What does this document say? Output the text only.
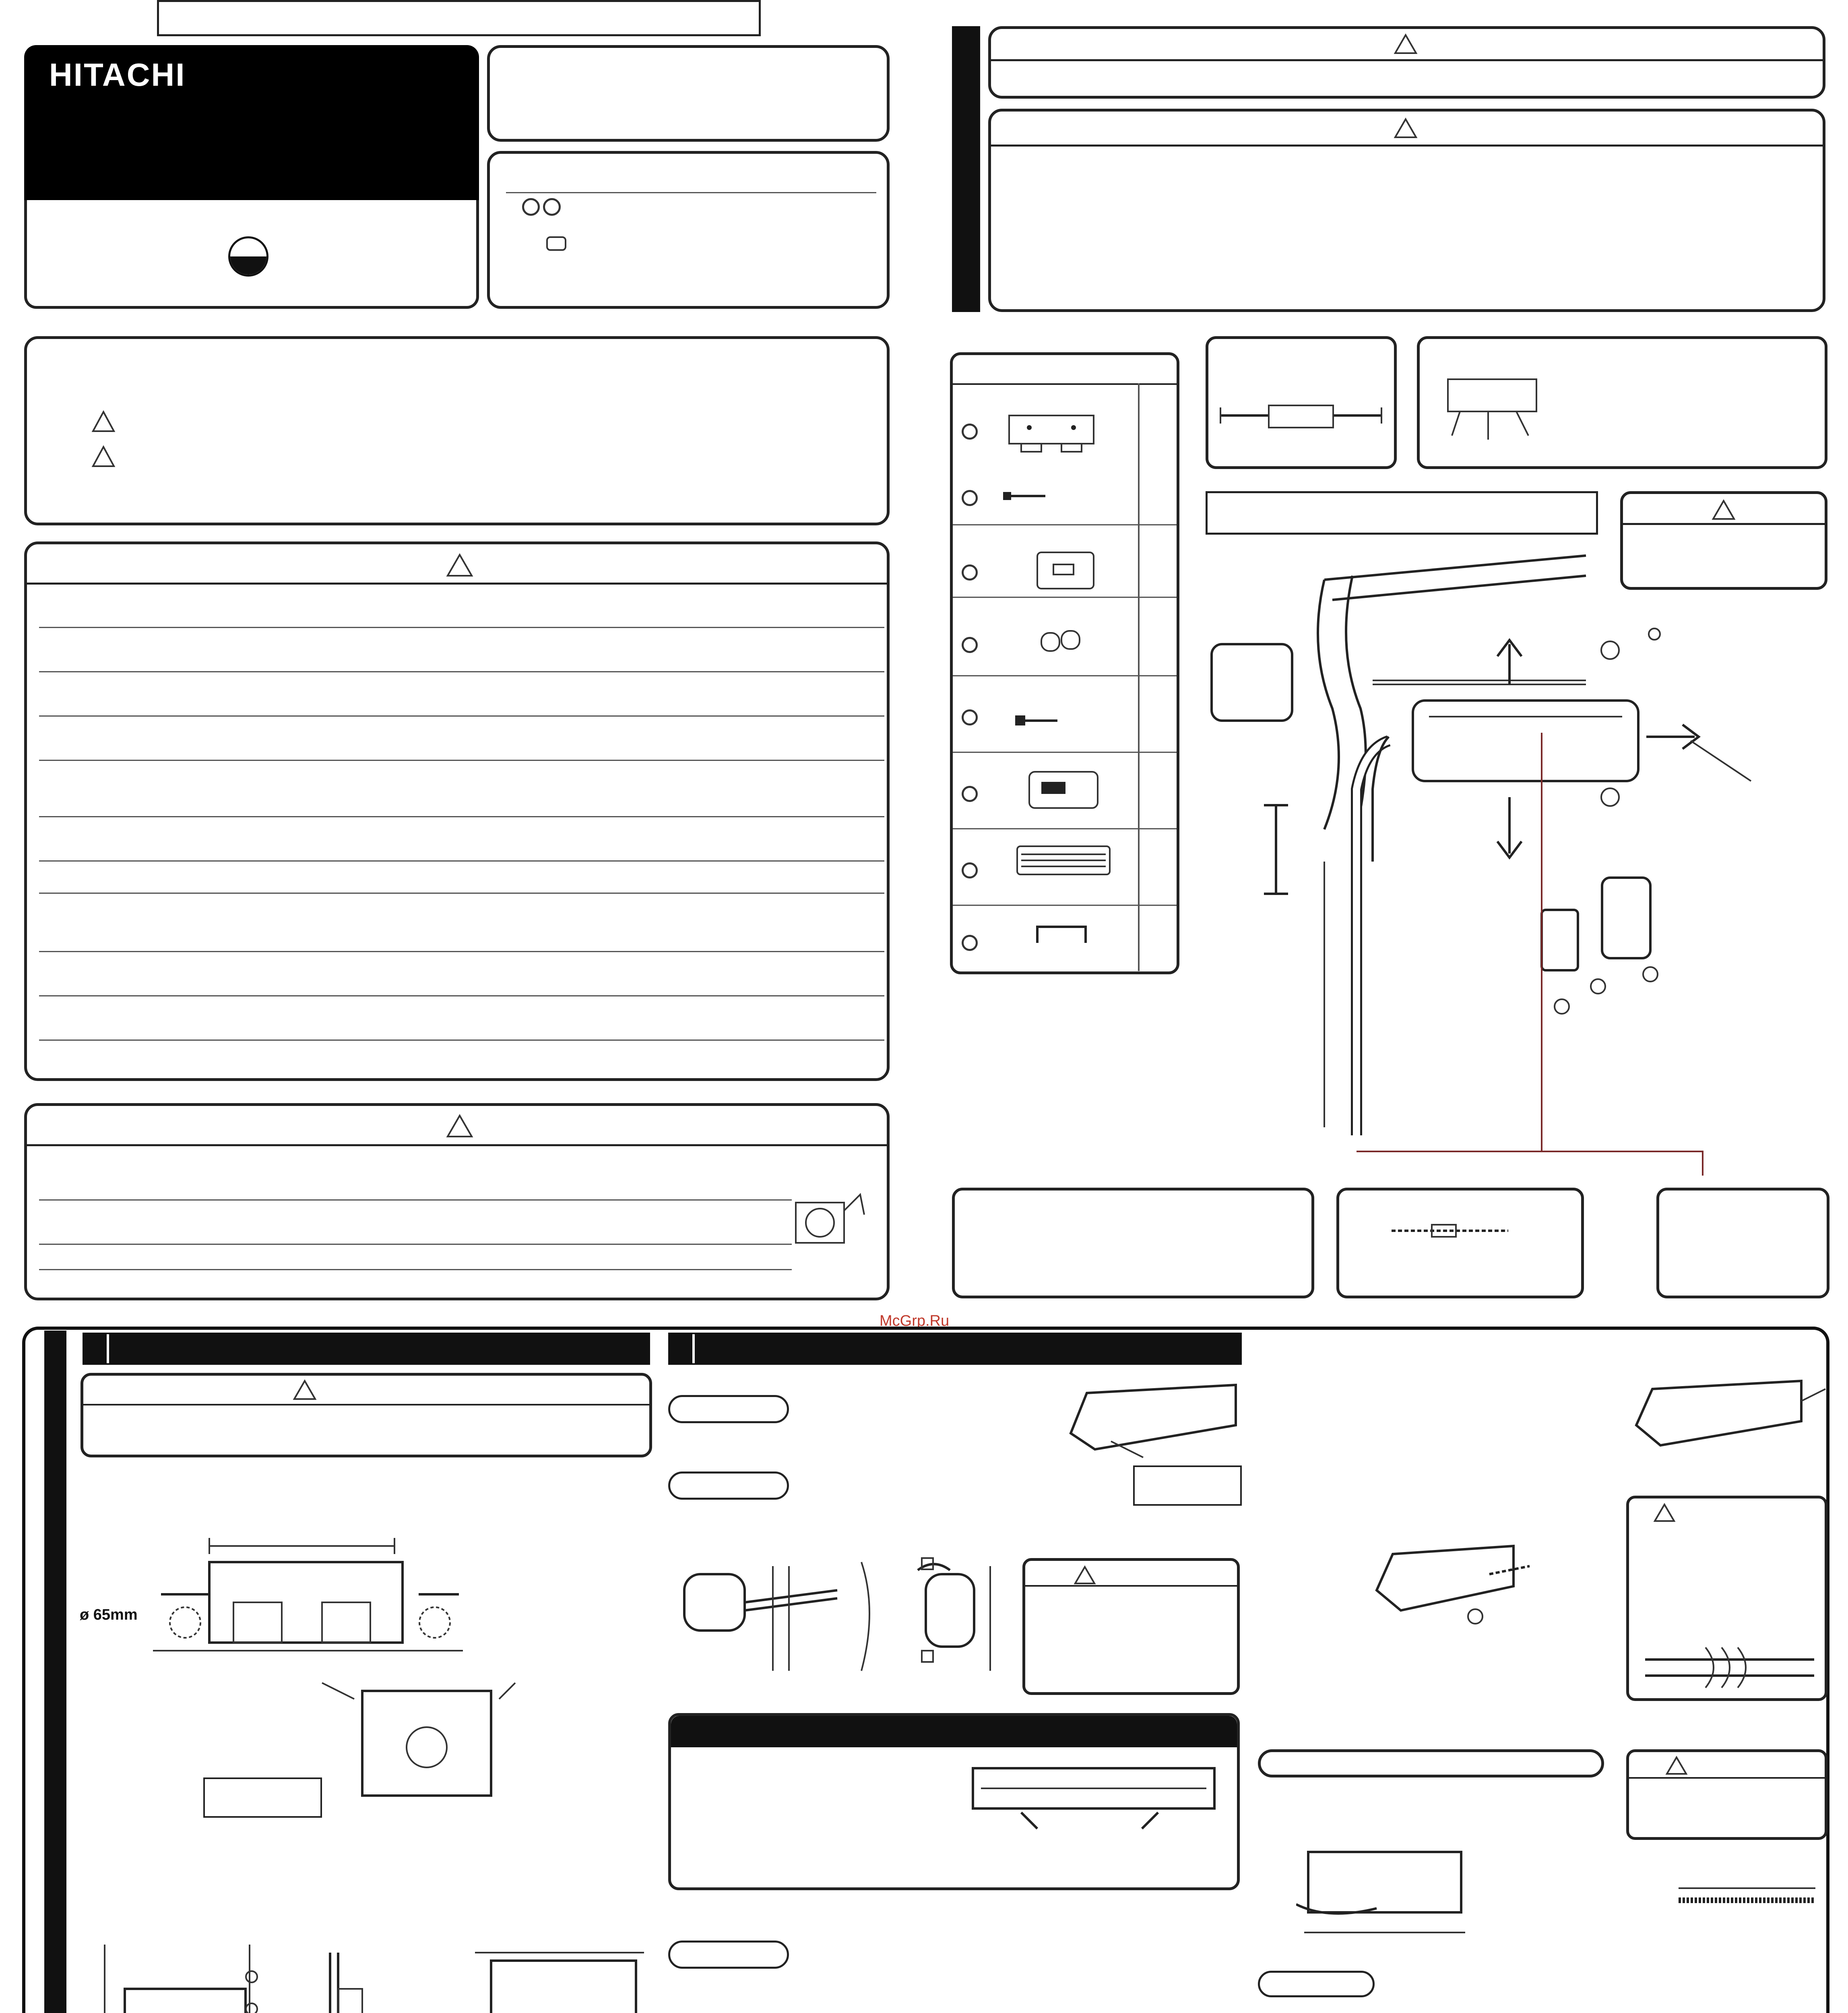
HITACHI
McGrp.Ru
ø 65mm
